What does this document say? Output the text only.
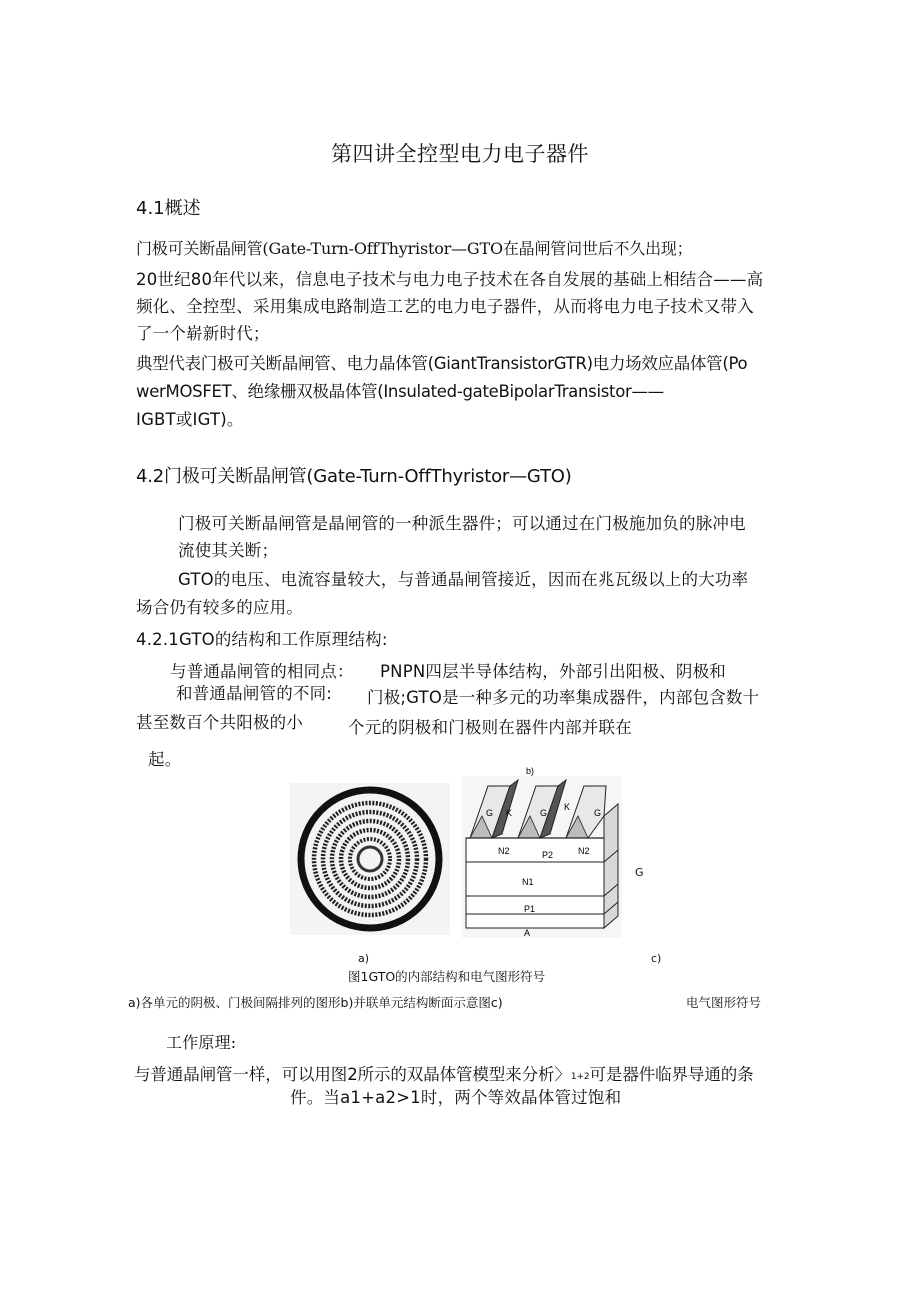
第四讲全控型电力电子器件
4.1概述
门极可关断晶闸管(Gate-Turn-OffThyristor—GTO在晶闸管问世后不久出现；
20世纪80年代以来，信息电子技术与电力电子技术在各自发展的基础上相结合——高
频化、全控型、采用集成电路制造工艺的电力电子器件，从而将电力电子技术又带入
了一个崭新时代；
典型代表门极可关断晶闸管、电力晶体管(GiantTransistorGTR)电力场效应晶体管(Po
werMOSFET、绝缘栅双极晶体管(Insulated-gateBipolarTransistor——
IGBT或IGT)。
4.2门极可关断晶闸管(Gate-Turn-OffThyristor—GTO)
门极可关断晶闸管是晶闸管的一种派生器件；可以通过在门极施加负的脉冲电
流使其关断；
GTO的电压、电流容量较大，与普通晶闸管接近，因而在兆瓦级以上的大功率
场合仍有较多的应用。
4.2.1GTO的结构和工作原理结构:
与普通晶闸管的相同点： PNPN四层半导体结构，外部引出阳极、阴极和
和普通晶闸管的不同: 门极;GTO是一种多元的功率集成器件，内部包含数十
甚至数百个共阳极的小	个元的阴极和门极则在器件内部并联在
起。
a)
G K	G
K
G
N2	P2	N2
N1
P1
A
b)
G
c)
图1GTO的内部结构和电气图形符号
a)各单元的阴极、门极间隔排列的图形b)并联单元结构断面示意图c)	电气图形符号
工作原理:
与普通晶闸管一样，可以用图2所示的双晶体管模型来分析〉1+2可是器件临界导通的条
件。当a1+a2>1时，两个等效晶体管过饱和
